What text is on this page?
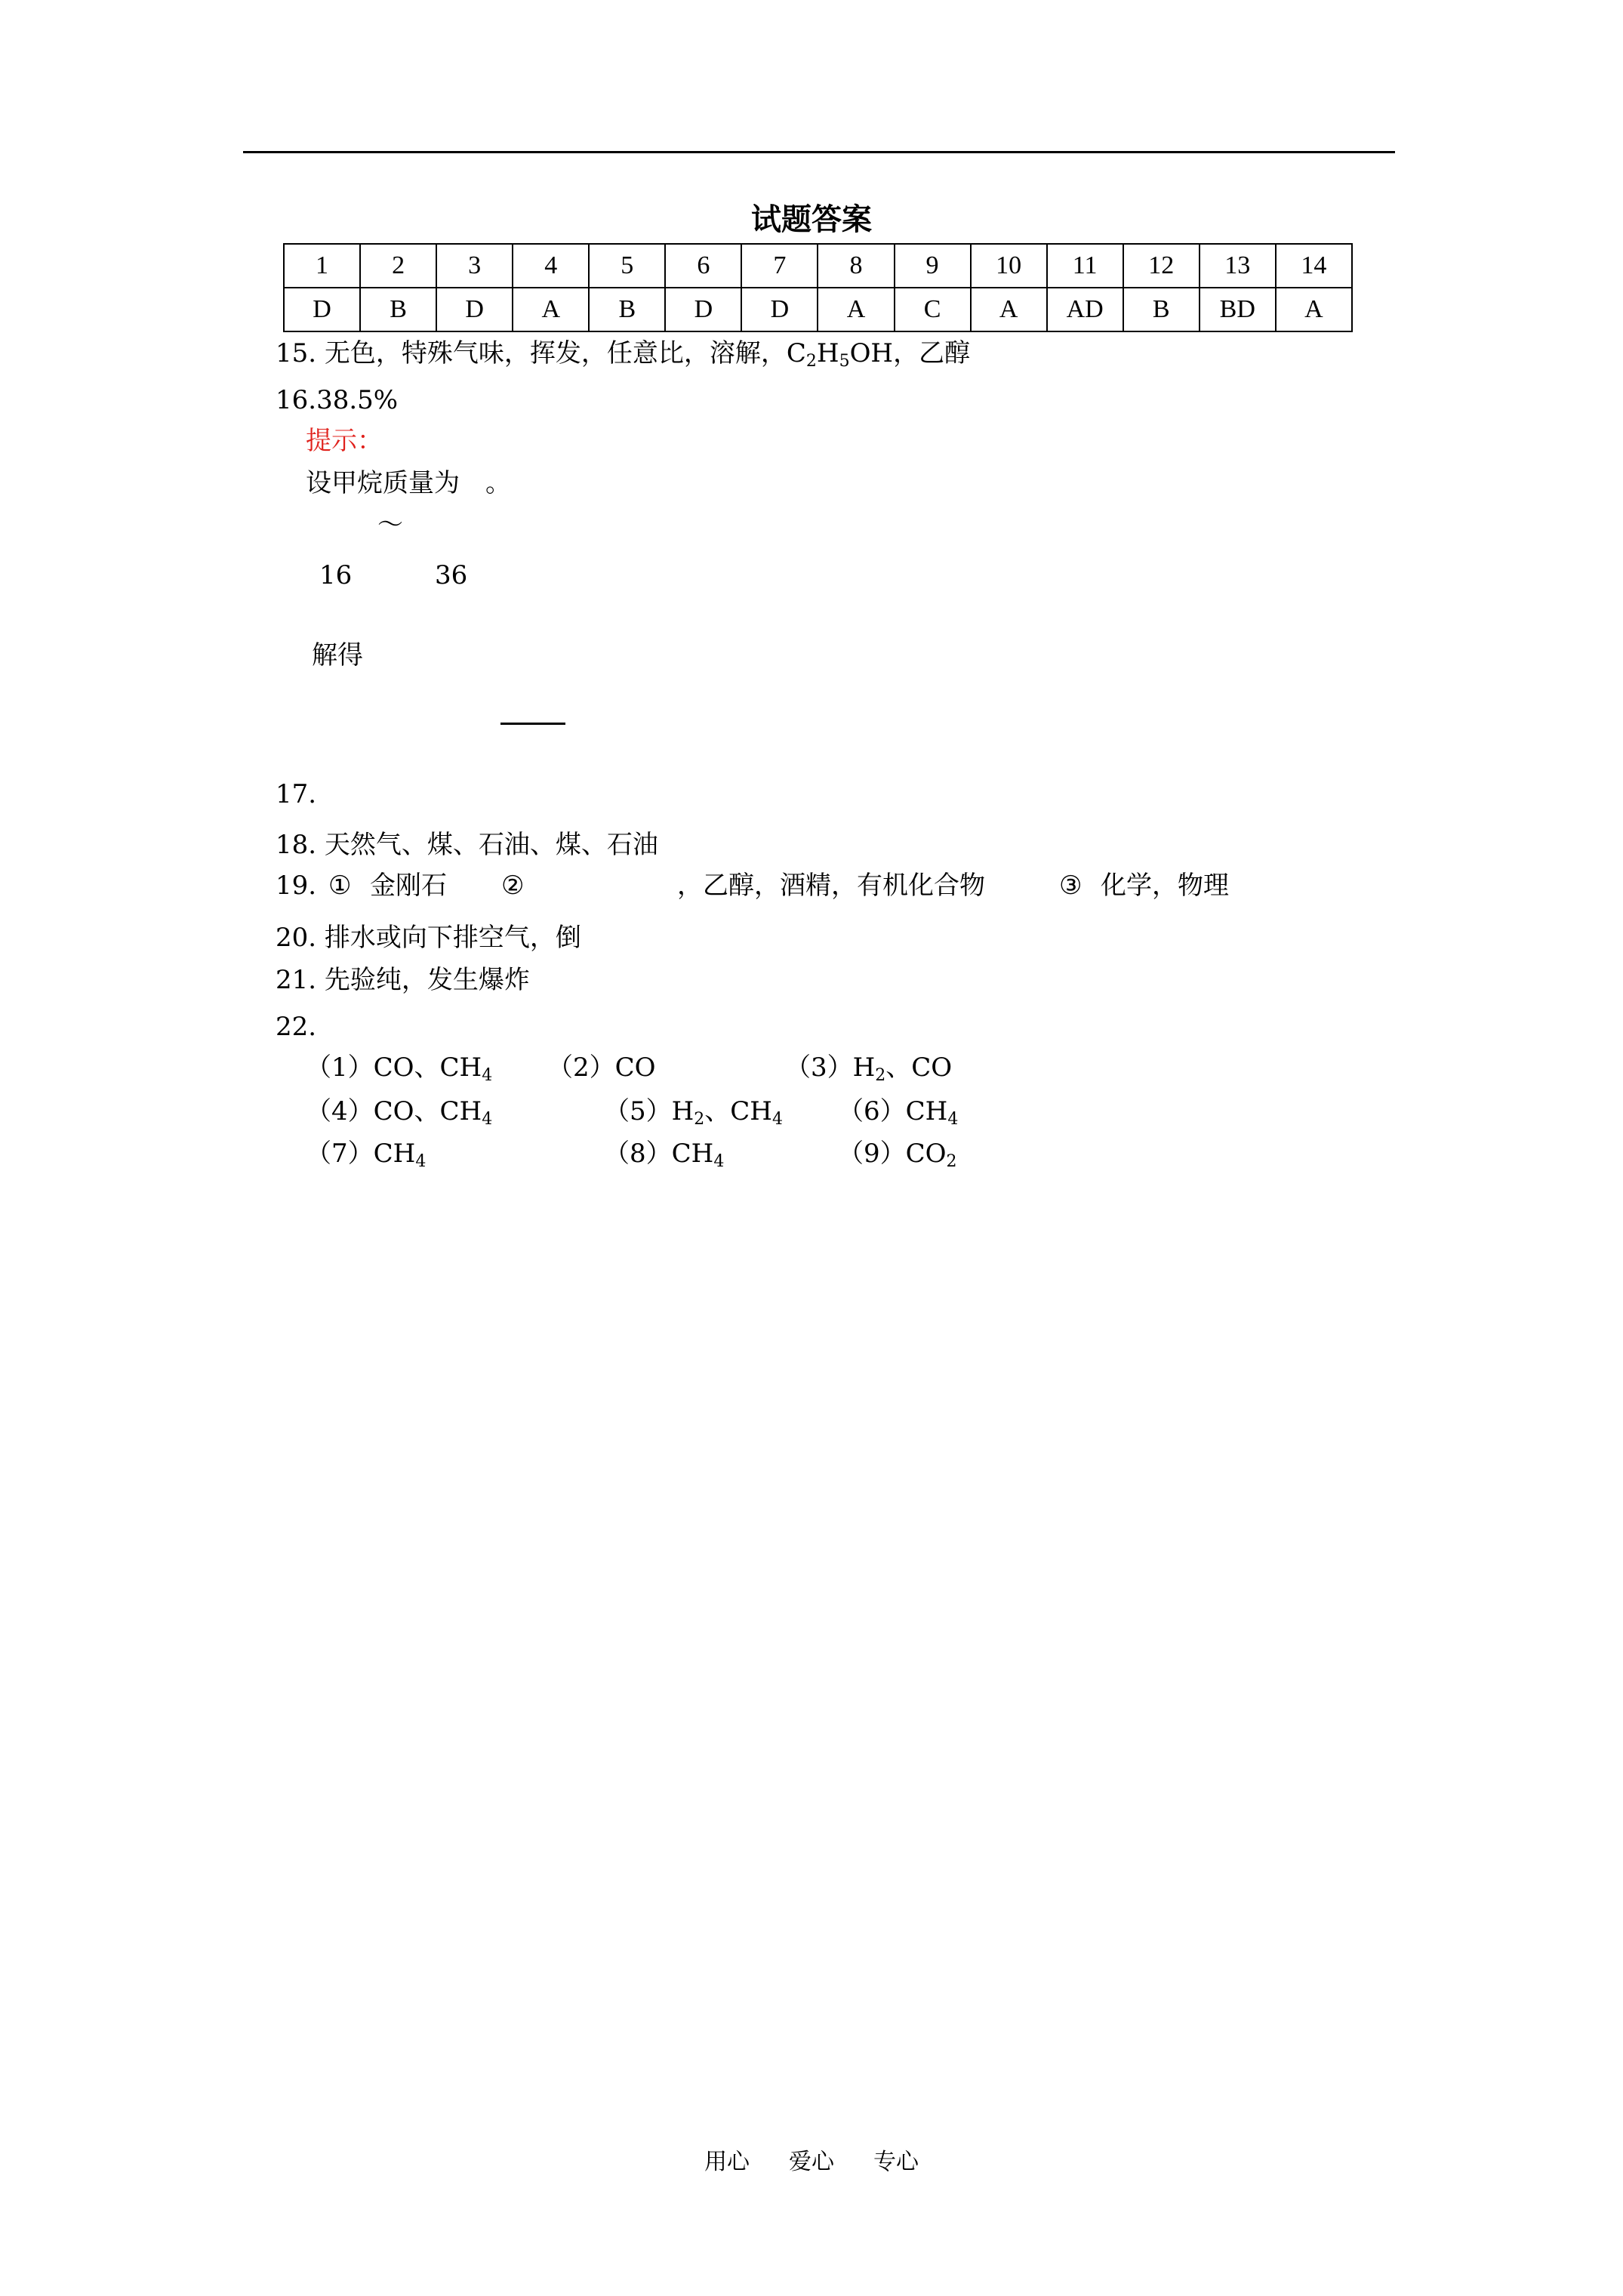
试题答案
1	2	3	4	5	6	7	8	9	10	11	12	13	14
D	B	D	A	B	D	D	A	C	A	AD	B	BD	A
15. 无色，特殊气味，挥发，任意比，溶解，$C_2H_5OH$，乙醇
16.38.5%
提示：
设甲烷质量为　。
～
16	36
解得
17.
18. 天然气、煤、石油、煤、石油
19. ① 金刚石 ②	，乙醇，酒精，有机化合物	③ 化学，物理
20. 排水或向下排空气，倒
21. 先验纯，发生爆炸
22.
（1）CO、$CH_4$ （2）CO	$(3)H_2$、CO
（4）CO、$CH_4$	$(5)H_2$、$CH_4$ $(6)CH_4$
$(7)CH_4$	$(8)CH_4$	$(9)CO_2$
用心 爱心 专心
